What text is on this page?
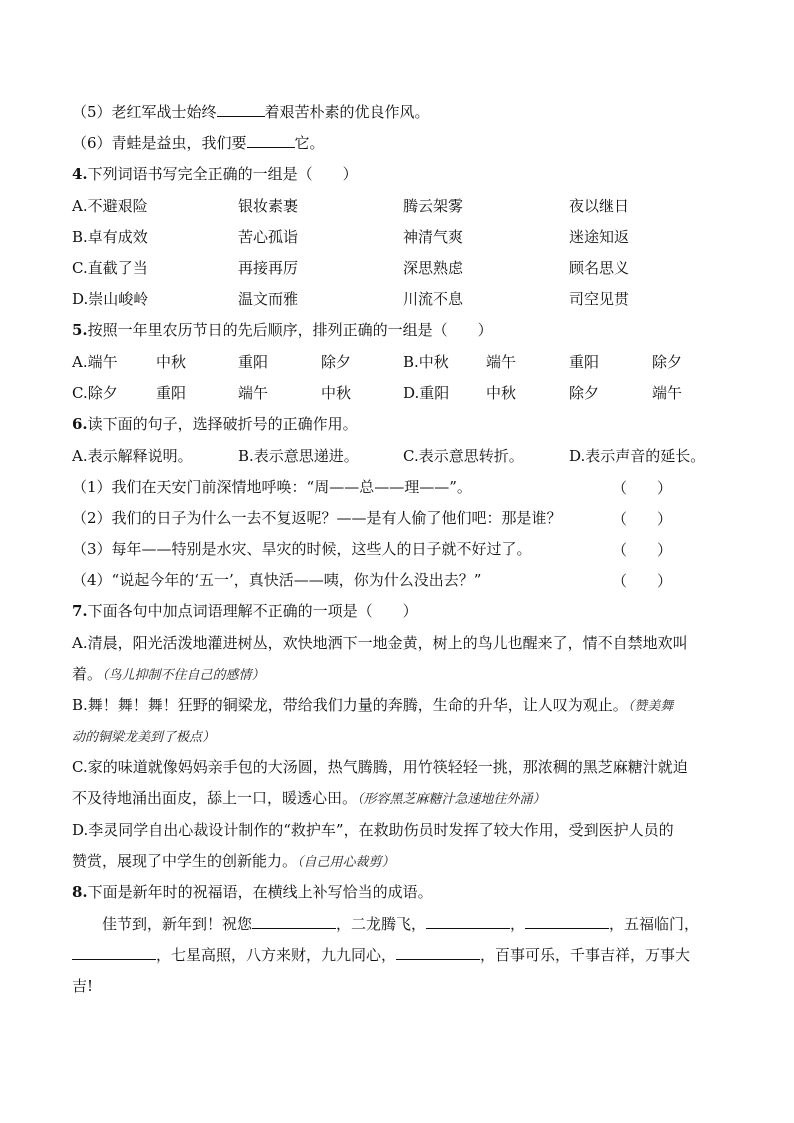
（5）老红军战士始终	着艰苦朴素的优良作风。
（6）青蛙是益虫，我们要	它。
4.下列词语书写完全正确的一组是（　　）
A.不避艰险	银妆素裹	腾云架雾	夜以继日
B.卓有成效	苦心孤诣	神清气爽	迷途知返
C.直截了当	再接再厉	深思熟虑	顾名思义
D.崇山峻岭	温文而雅	川流不息	司空见贯
5.按照一年里农历节日的先后顺序，排列正确的一组是（　　）
A.端午	中秋	重阳	除夕	B.中秋 端午	重阳	除夕
C.除夕	重阳	端午	中秋	D.重阳 中秋	除夕	端午
6.读下面的句子，选择破折号的正确作用。
A.表示解释说明。	B.表示意思递进。	C.表示意思转折。	D.表示声音的延长。
（1）我们在天安门前深情地呼唤：“周——总——理——”。	（　　）
（2）我们的日子为什么一去不复返呢？——是有人偷了他们吧：那是谁？	（　　）
（3）每年——特别是水灾、旱灾的时候，这些人的日子就不好过了。	（　　）
（4）“说起今年的‘五一’，真快活——咦，你为什么没出去？”	（　　）
7.下面各句中加点词语理解不正确的一项是（　　）
A.清晨，阳光活泼地灌进树丛，欢快地洒下一地金黄，树上的鸟儿也醒来了，情不自禁地欢叫
着。（鸟儿抑制不住自己的感情）
B.舞！舞！舞！狂野的铜梁龙，带给我们力量的奔腾，生命的升华，让人叹为观止。（赞美舞
动的铜梁龙美到了极点）
C.家的味道就像妈妈亲手包的大汤圆，热气腾腾，用竹筷轻轻一挑，那浓稠的黑芝麻糖汁就迫
不及待地涌出面皮，舔上一口，暖透心田。（形容黑芝麻糖汁急速地往外涌）
D.李灵同学自出心裁设计制作的“救护车”，在救助伤员时发挥了较大作用，受到医护人员的
赞赏，展现了中学生的创新能力。（自己用心裁剪）
8.下面是新年时的祝福语，在横线上补写恰当的成语。
佳节到，新年到！祝您	，二龙腾飞，	，	，五福临门，
，七星高照，八方来财，九九同心，	，百事可乐，千事吉祥，万事大
吉!
